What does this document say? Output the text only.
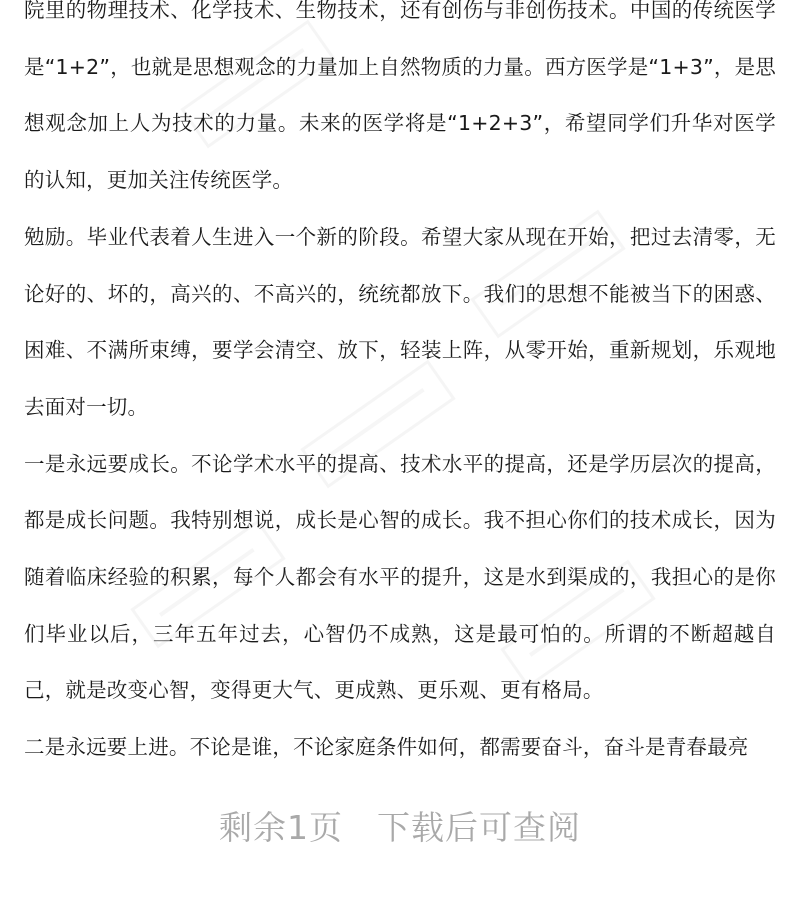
院里的物理技术、化学技术、生物技术，还有创伤与非创伤技术。中国的传统医学是“1+2”，也就是思想观念的力量加上自然物质的力量。西方医学是“1+3”，是思想观念加上人为技术的力量。未来的医学将是“1+2+3”，希望同学们升华对医学的认知，更加关注传统医学。

勉励。毕业代表着人生进入一个新的阶段。希望大家从现在开始，把过去清零，无论好的、坏的，高兴的、不高兴的，统统都放下。我们的思想不能被当下的困惑、困难、不满所束缚，要学会清空、放下，轻装上阵，从零开始，重新规划，乐观地去面对一切。

一是永远要成长。不论学术水平的提高、技术水平的提高，还是学历层次的提高，都是成长问题。我特别想说，成长是心智的成长。我不担心你们的技术成长，因为随着临床经验的积累，每个人都会有水平的提升，这是水到渠成的，我担心的是你们毕业以后，三年五年过去，心智仍不成熟，这是最可怕的。所谓的不断超越自己，就是改变心智，变得更大气、更成熟、更乐观、更有格局。

二是永远要上进。不论是谁，不论家庭条件如何，都需要奋斗，奋斗是青春最亮

剩余1页 下载后可查阅
